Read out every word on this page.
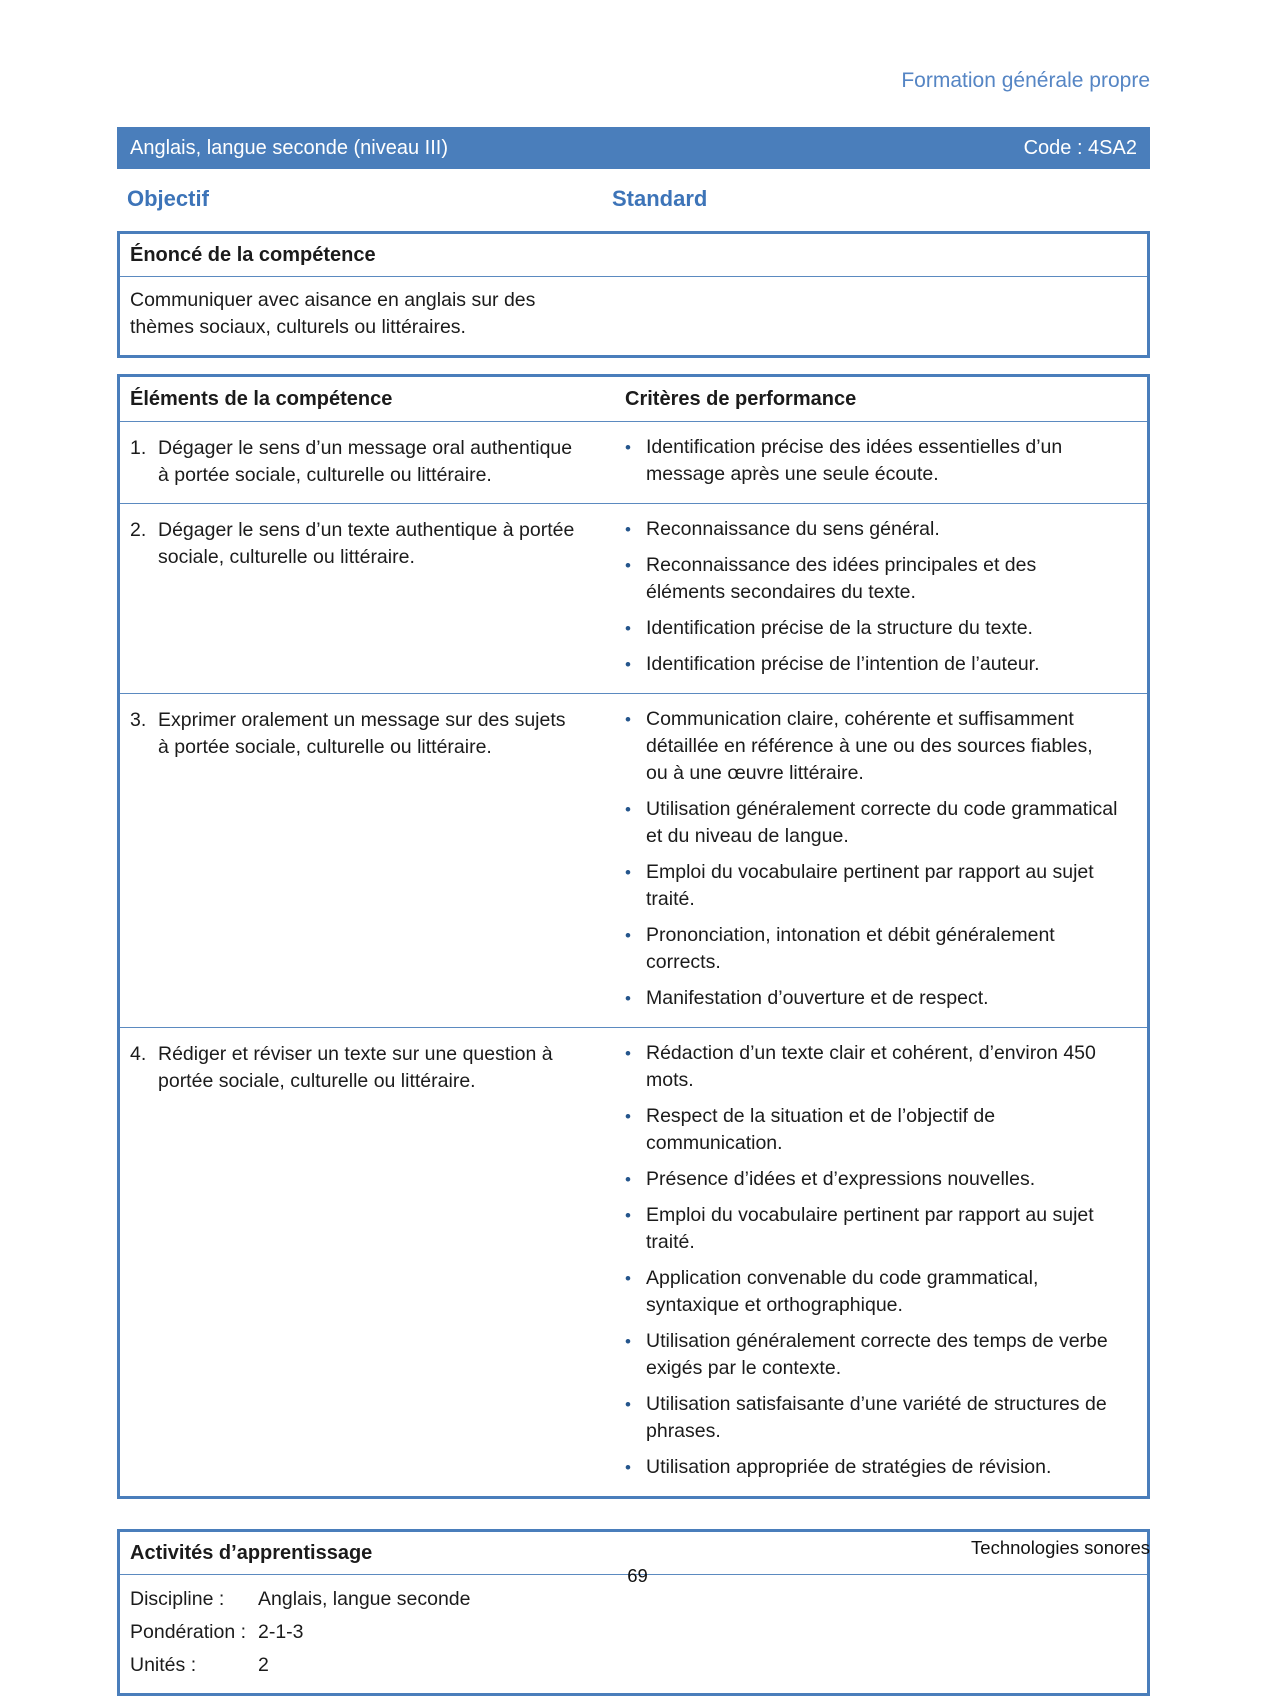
Formation générale propre
Anglais, langue seconde (niveau III)	Code : 4SA2
Objectif	Standard
Énoncé de la compétence

Communiquer avec aisance en anglais sur des thèmes sociaux, culturels ou littéraires.

Éléments de la compétence	Critères de performance
1. Dégager le sens d’un message oral authentique à portée sociale, culturelle ou littéraire.
• Identification précise des idées essentielles d’un message après une seule écoute.
2. Dégager le sens d’un texte authentique à portée sociale, culturelle ou littéraire.
• Reconnaissance du sens général.
• Reconnaissance des idées principales et des éléments secondaires du texte.
• Identification précise de la structure du texte.
• Identification précise de l’intention de l’auteur.
3. Exprimer oralement un message sur des sujets à portée sociale, culturelle ou littéraire.
• Communication claire, cohérente et suffisamment détaillée en référence à une ou des sources fiables, ou à une œuvre littéraire.
• Utilisation généralement correcte du code grammatical et du niveau de langue.
• Emploi du vocabulaire pertinent par rapport au sujet traité.
• Prononciation, intonation et débit généralement corrects.
• Manifestation d’ouverture et de respect.
4. Rédiger et réviser un texte sur une question à portée sociale, culturelle ou littéraire.
• Rédaction d’un texte clair et cohérent, d’environ 450 mots.
• Respect de la situation et de l’objectif de communication.
• Présence d’idées et d’expressions nouvelles.
• Emploi du vocabulaire pertinent par rapport au sujet traité.
• Application convenable du code grammatical, syntaxique et orthographique.
• Utilisation généralement correcte des temps de verbe exigés par le contexte.
• Utilisation satisfaisante d’une variété de structures de phrases.
• Utilisation appropriée de stratégies de révision.
Activités d’apprentissage
Discipline :	Anglais, langue seconde
Pondération : 2-1-3
Unités :	2
Technologies sonores
69
